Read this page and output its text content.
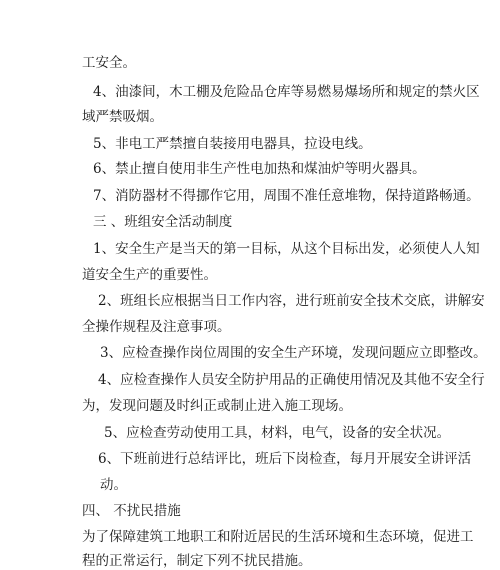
工安全。
4、油漆间，木工棚及危险品仓库等易燃易爆场所和规定的禁火区
域严禁吸烟。
5、非电工严禁擅自装接用电器具，拉设电线。
6、禁止擅自使用非生产性电加热和煤油炉等明火器具。
7、消防器材不得挪作它用，周围不准任意堆物，保持道路畅通。
三 、班组安全活动制度
1、安全生产是当天的第一目标，从这个目标出发，必须使人人知
道安全生产的重要性。
2、班组长应根据当日工作内容，进行班前安全技术交底，讲解安
全操作规程及注意事项。
3、应检查操作岗位周围的安全生产环境，发现问题应立即整改。
4、应检查操作人员安全防护用品的正确使用情况及其他不安全行
为，发现问题及时纠正或制止进入施工现场。
5、应检查劳动使用工具，材料，电气，设备的安全状况。
6、下班前进行总结评比，班后下岗检查，每月开展安全讲评活
动。
四、 不扰民措施
为了保障建筑工地职工和附近居民的生活环境和生态环境，促进工
程的正常运行，制定下列不扰民措施。
